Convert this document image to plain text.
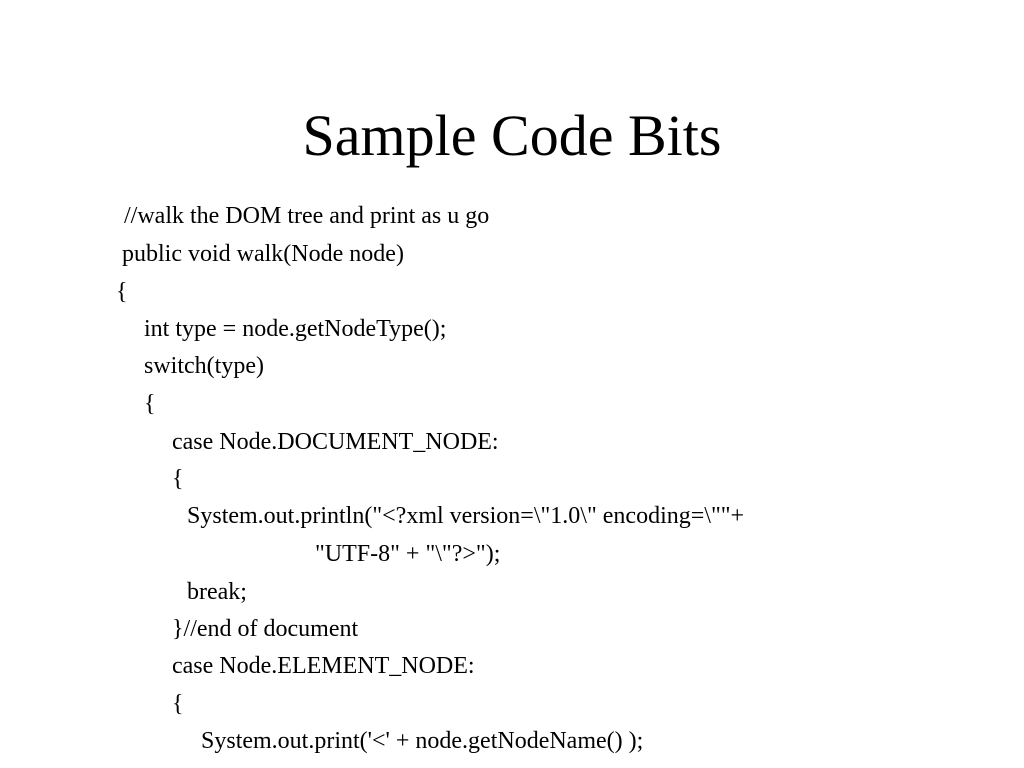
Sample Code Bits
//walk the DOM tree and print as u go
public void walk(Node node)
{
int type = node.getNodeType();
switch(type)
{
case Node.DOCUMENT_NODE:
{
System.out.println("<?xml version=\"1.0\" encoding=\""+
"UTF-8" + "\"?>");
break;
}//end of document
case Node.ELEMENT_NODE:
{
System.out.print('<' + node.getNodeName() );
